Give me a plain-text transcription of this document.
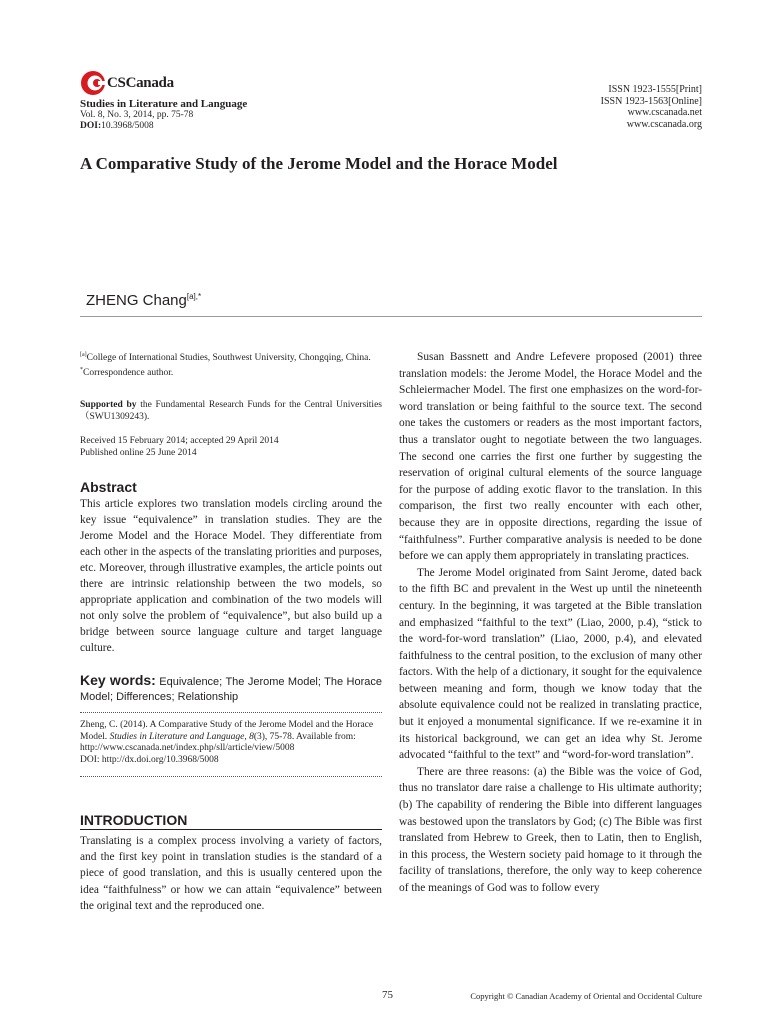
CSCanada
Studies in Literature and Language
Vol. 8, No. 3, 2014, pp. 75-78
DOI:10.3968/5008
ISSN 1923-1555[Print]
ISSN 1923-1563[Online]
www.cscanada.net
www.cscanada.org
A Comparative Study of the Jerome Model and the Horace Model
ZHENG Chang$^{[a],*}$
[a]College of International Studies, Southwest University, Chongqing, China.
*Correspondence author.
Supported by the Fundamental Research Funds for the Central Universities（SWU1309243).
Received 15 February 2014; accepted 29 April 2014
Published online 25 June 2014
Abstract
This article explores two translation models circling around the key issue “equivalence” in translation studies. They are the Jerome Model and the Horace Model. They differentiate from each other in the aspects of the translating priorities and purposes, etc. Moreover, through illustrative examples, the article points out there are intrinsic relationship between the two models, so appropriate application and combination of the two models will not only solve the problem of “equivalence”, but also build up a bridge between source language culture and target language culture.
Key words: Equivalence; The Jerome Model; The Horace Model; Differences; Relationship
Zheng, C. (2014). A Comparative Study of the Jerome Model and the Horace Model. Studies in Literature and Language, 8(3), 75-78. Available from: http://www.cscanada.net/index.php/sll/article/view/5008
DOI: http://dx.doi.org/10.3968/5008
INTRODUCTION
Translating is a complex process involving a variety of factors, and the first key point in translation studies is the standard of a piece of good translation, and this is usually centered upon the idea “faithfulness” or how we can attain “equivalence” between the original text and the reproduced one.

Susan Bassnett and Andre Lefevere proposed (2001) three translation models: the Jerome Model, the Horace Model and the Schleiermacher Model. The first one emphasizes on the word-for-word translation or being faithful to the source text. The second one takes the customers or readers as the most important factors, thus a translator ought to negotiate between the two languages. The second one carries the first one further by suggesting the reservation of original cultural elements of the source language for the purpose of adding exotic flavor to the translation. In this comparison, the first two really encounter with each other, because they are in opposite directions, regarding the issue of “faithfulness”. Further comparative analysis is needed to be done before we can apply them appropriately in translating practices.

The Jerome Model originated from Saint Jerome, dated back to the fifth BC and prevalent in the West up until the nineteenth century. In the beginning, it was targeted at the Bible translation and emphasized “faithful to the text” (Liao, 2000, p.4), “stick to the word-for-word translation” (Liao, 2000, p.4), and elevated faithfulness to the central position, to the exclusion of many other factors. With the help of a dictionary, it sought for the equivalence between meaning and form, though we know today that the absolute equivalence could not be realized in translating practice, but it enjoyed a monumental significance. If we re-examine it in its historical background, we can get an idea why St. Jerome advocated “faithful to the text” and “word-for-word translation”.

There are three reasons: (a) the Bible was the voice of God, thus no translator dare raise a challenge to His ultimate authority; (b) The capability of rendering the Bible into different languages was bestowed upon the translators by God; (c) The Bible was first translated from Hebrew to Greek, then to Latin, then to English, in this process, the Western society paid homage to it through the facility of translations, therefore, the only way to keep coherence of the meanings of God was to follow every

75	Copyright © Canadian Academy of Oriental and Occidental Culture
